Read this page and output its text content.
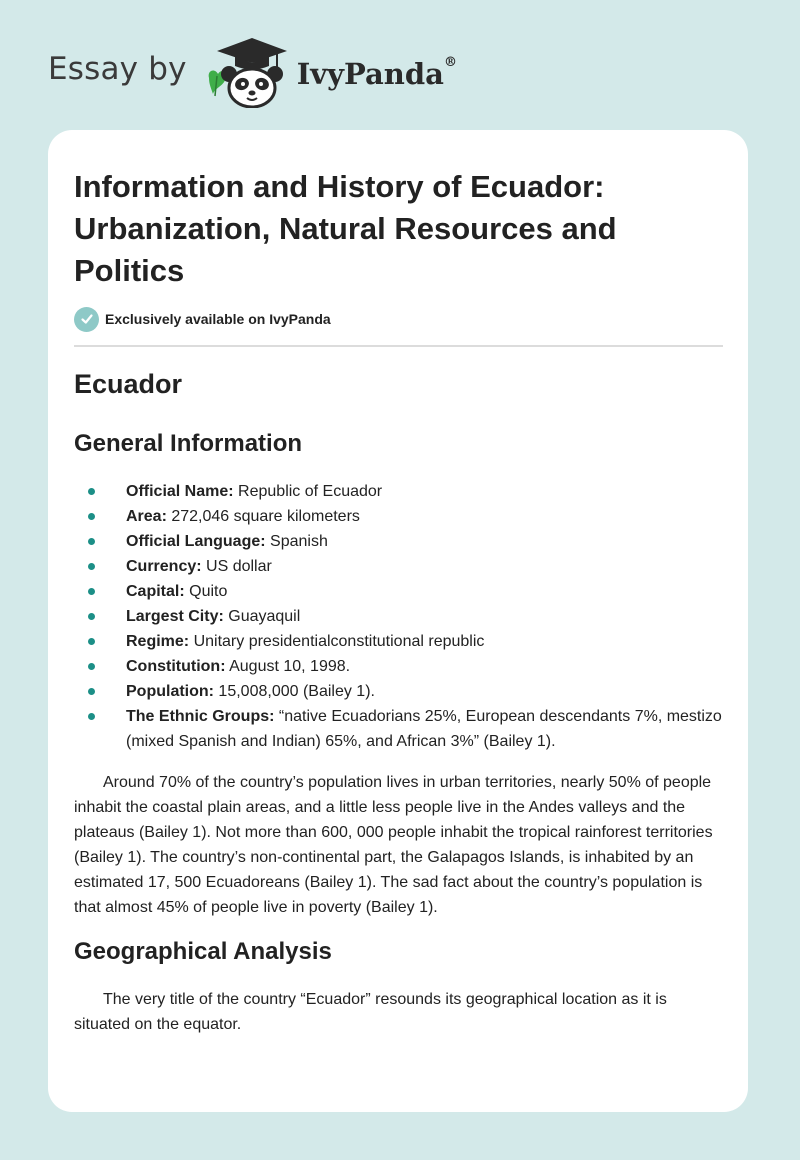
Essay by	IvyPanda®
Information and History of Ecuador: Urbanization, Natural Resources and Politics
Exclusively available on IvyPanda
Ecuador
General Information
Official Name: Republic of Ecuador
Area: 272,046 square kilometers
Official Language: Spanish
Currency: US dollar
Capital: Quito
Largest City: Guayaquil
Regime: Unitary presidentialconstitutional republic
Constitution: August 10, 1998.
Population: 15,008,000 (Bailey 1).
The Ethnic Groups: “native Ecuadorians 25%, European descendants 7%, mestizo (mixed Spanish and Indian) 65%, and African 3%” (Bailey 1).

Around 70% of the country’s population lives in urban territories, nearly 50% of people inhabit the coastal plain areas, and a little less people live in the Andes valleys and the plateaus (Bailey 1). Not more than 600, 000 people inhabit the tropical rainforest territories (Bailey 1). The country’s non-continental part, the Galapagos Islands, is inhabited by an estimated 17, 500 Ecuadoreans (Bailey 1). The sad fact about the country’s population is that almost 45% of people live in poverty (Bailey 1).

Geographical Analysis

The very title of the country “Ecuador” resounds its geographical location as it is situated on the equator.
